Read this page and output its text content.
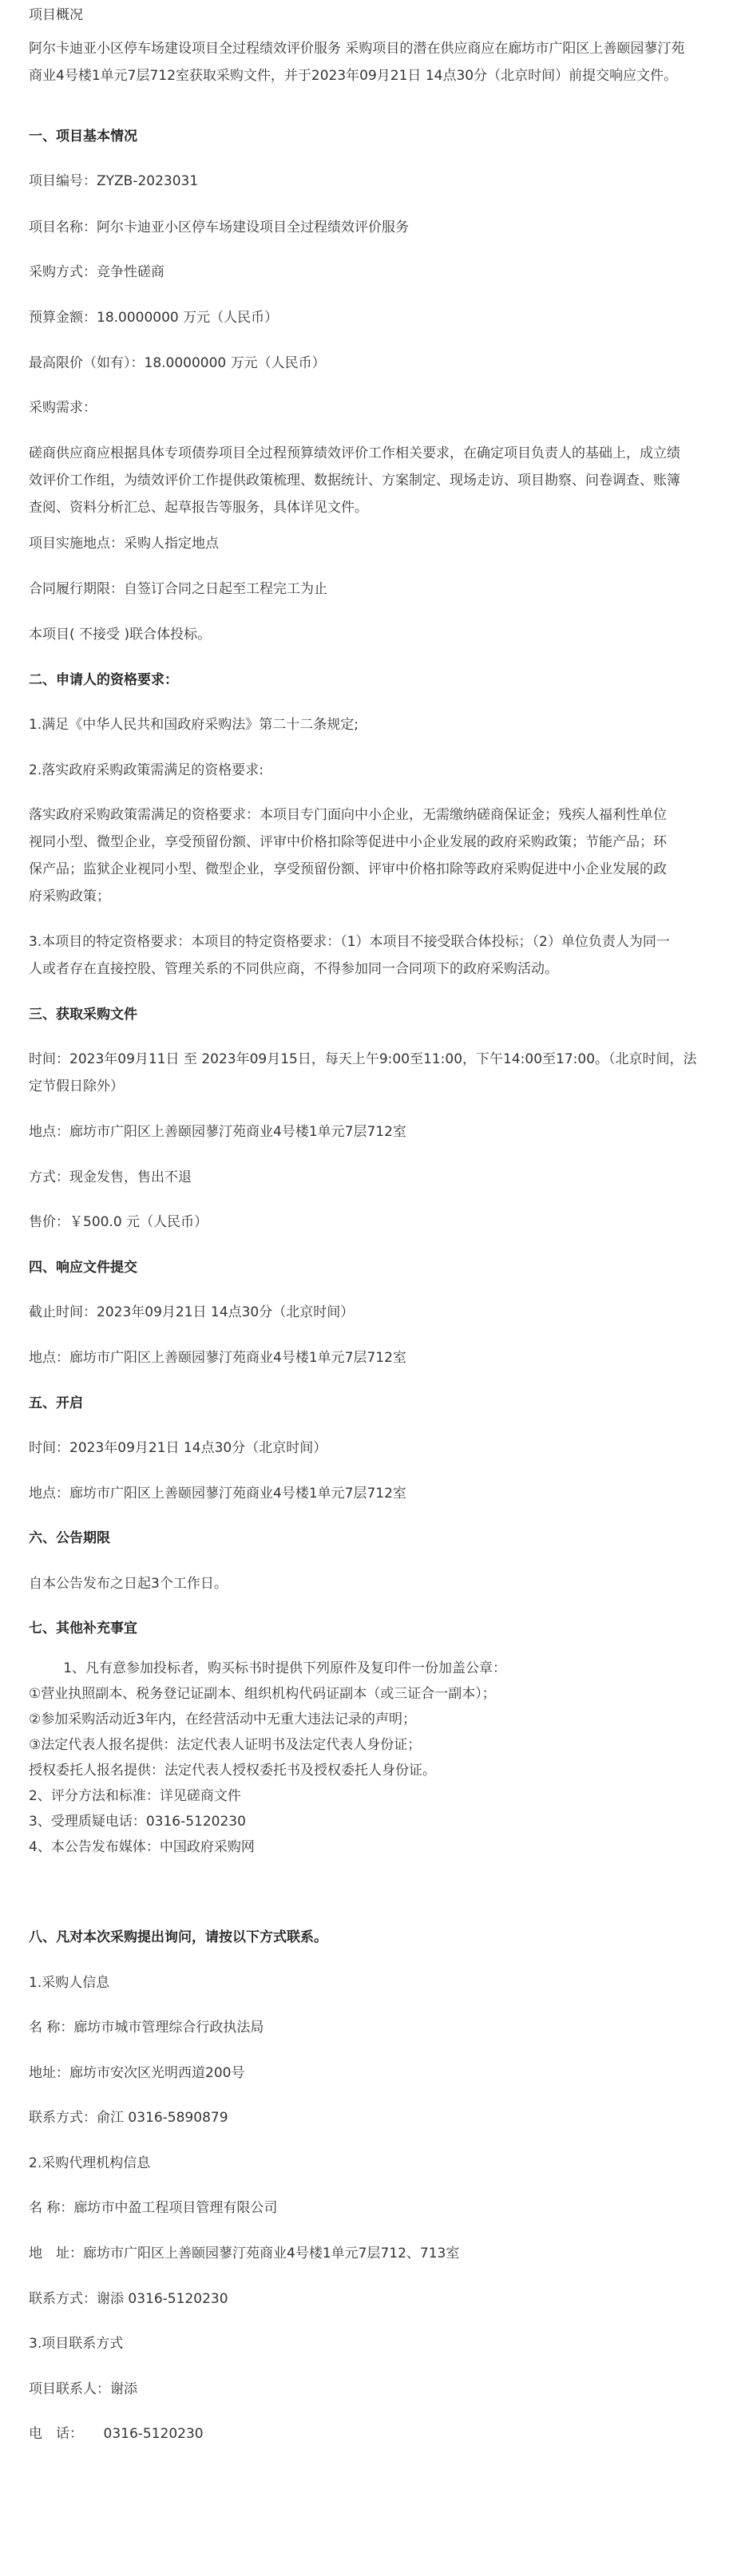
项目概况

阿尔卡迪亚小区停车场建设项目全过程绩效评价服务 采购项目的潜在供应商应在廊坊市广阳区上善颐园蓼汀苑

商业4号楼1单元7层712室获取采购文件，并于2023年09月21日 14点30分（北京时间）前提交响应文件。

一、项目基本情况

项目编号：ZYZB-2023031

项目名称：阿尔卡迪亚小区停车场建设项目全过程绩效评价服务

采购方式：竞争性磋商

预算金额：18.0000000 万元（人民币）

最高限价（如有）：18.0000000 万元（人民币）

采购需求：

磋商供应商应根据具体专项债券项目全过程预算绩效评价工作相关要求，在确定项目负责人的基础上，成立绩

效评价工作组，为绩效评价工作提供政策梳理、数据统计、方案制定、现场走访、项目勘察、问卷调查、账簿

查阅、资料分析汇总、起草报告等服务，具体详见文件。

项目实施地点：采购人指定地点

合同履行期限：自签订合同之日起至工程完工为止

本项目( 不接受 )联合体投标。

二、申请人的资格要求：

1.满足《中华人民共和国政府采购法》第二十二条规定;

2.落实政府采购政策需满足的资格要求:

落实政府采购政策需满足的资格要求：本项目专门面向中小企业，无需缴纳磋商保证金；残疾人福利性单位

视同小型、微型企业，享受预留份额、评审中价格扣除等促进中小企业发展的政府采购政策；节能产品；环

保产品；监狱企业视同小型、微型企业，享受预留份额、评审中价格扣除等政府采购促进中小企业发展的政

府采购政策；

3.本项目的特定资格要求：本项目的特定资格要求：（1）本项目不接受联合体投标；（2）单位负责人为同一

人或者存在直接控股、管理关系的不同供应商，不得参加同一合同项下的政府采购活动。

三、获取采购文件

时间：2023年09月11日 至 2023年09月15日，每天上午9:00至11:00，下午14:00至17:00。（北京时间，法

定节假日除外）

地点：廊坊市广阳区上善颐园蓼汀苑商业4号楼1单元7层712室

方式：现金发售，售出不退

售价：￥500.0 元（人民币）

四、响应文件提交

截止时间：2023年09月21日 14点30分（北京时间）

地点：廊坊市广阳区上善颐园蓼汀苑商业4号楼1单元7层712室

五、开启

时间：2023年09月21日 14点30分（北京时间）

地点：廊坊市广阳区上善颐园蓼汀苑商业4号楼1单元7层712室

六、公告期限

自本公告发布之日起3个工作日。

七、其他补充事宜

1、凡有意参加投标者，购买标书时提供下列原件及复印件一份加盖公章：

①营业执照副本、税务登记证副本、组织机构代码证副本（或三证合一副本）；

②参加采购活动近3年内，在经营活动中无重大违法记录的声明；

③法定代表人报名提供：法定代表人证明书及法定代表人身份证；

授权委托人报名提供：法定代表人授权委托书及授权委托人身份证。

2、评分方法和标准：详见磋商文件

3、受理质疑电话：0316-5120230

4、本公告发布媒体：中国政府采购网

八、凡对本次采购提出询问，请按以下方式联系。

1.采购人信息

名 称：廊坊市城市管理综合行政执法局

地址：廊坊市安次区光明西道200号

联系方式：俞江 0316-5890879

2.采购代理机构信息

名 称：廊坊市中盈工程项目管理有限公司

地　址：廊坊市广阳区上善颐园蓼汀苑商业4号楼1单元7层712、713室

联系方式：谢添 0316-5120230

3.项目联系方式

项目联系人：谢添

电　话：　　0316-5120230
